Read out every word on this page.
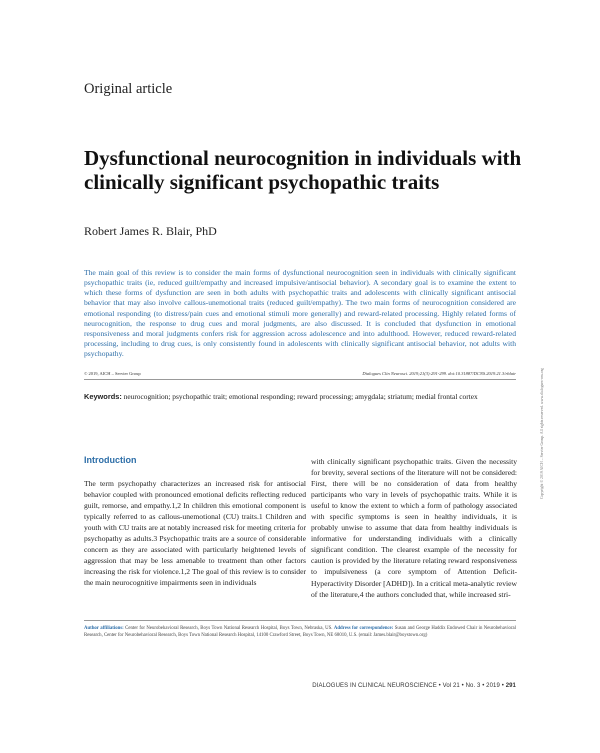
Original article
Dysfunctional neurocognition in individuals with clinically significant psychopathic traits
Robert James R. Blair, PhD
The main goal of this review is to consider the main forms of dysfunctional neurocognition seen in individuals with clinically significant psychopathic traits (ie, reduced guilt/empathy and increased impulsive/antisocial behavior). A secondary goal is to examine the extent to which these forms of dysfunction are seen in both adults with psychopathic traits and adolescents with clinically significant antisocial behavior that may also involve callous-unemotional traits (reduced guilt/empathy). The two main forms of neurocognition considered are emotional responding (to distress/pain cues and emotional stimuli more generally) and reward-related processing. Highly related forms of neurocognition, the response to drug cues and moral judgments, are also discussed. It is concluded that dysfunction in emotional responsiveness and moral judgments confers risk for aggression across adolescence and into adulthood. However, reduced reward-related processing, including to drug cues, is only consistently found in adolescents with clinically significant antisocial behavior, not adults with psychopathy.
© 2019, AICH – Servier Group	Dialogues Clin Neurosci. 2019;21(3):291-299. doi:10.31887/DCNS.2019.21.3/rblair
Keywords: neurocognition; psychopathic trait; emotional responding; reward processing; amygdala; striatum; medial frontal cortex
Introduction

The term psychopathy characterizes an increased risk for antisocial behavior coupled with pronounced emotional deficits reflecting reduced guilt, remorse, and empathy.1,2 In children this emotional component is typically referred to as callous-unemotional (CU) traits.1 Children and youth with CU traits are at notably increased risk for meeting criteria for psychopathy as adults.3 Psychopathic traits are a source of considerable concern as they are associated with particularly heightened levels of aggression that may be less amenable to treatment than other factors increasing the risk for violence.1,2 The goal of this review is to consider the main neurocognitive impairments seen in individuals

with clinically significant psychopathic traits. Given the necessity for brevity, several sections of the literature will not be considered: First, there will be no consideration of data from healthy participants who vary in levels of psychopathic traits. While it is useful to know the extent to which a form of pathology associated with specific symptoms is seen in healthy individuals, it is probably unwise to assume that data from healthy individuals is informative for understanding individuals with a clinically significant condition. The clearest example of the necessity for caution is provided by the literature relating reward responsiveness to impulsiveness (a core symptom of Attention Deficit-Hyperactivity Disorder [ADHD]). In a critical meta-analytic review of the literature,4 the authors concluded that, while increased stri-

Author affiliations: Center for Neurobehavioral Research, Boys Town National Research Hospital, Boys Town, Nebraska, US. Address for correspondence: Susan and George Haddix Endowed Chair in Neurobehavioral Research, Center for Neurobehavioral Research, Boys Town National Research Hospital, 14100 Crawford Street, Boys Town, NE 68010, U.S. (email: James.blair@boystown.org)
DIALOGUES IN CLINICAL NEUROSCIENCE • Vol 21 • No. 3 • 2019 • 291
Copyright © 2019 AICH – Servier Group. All rights reserved. www.dialogues-cns.org
